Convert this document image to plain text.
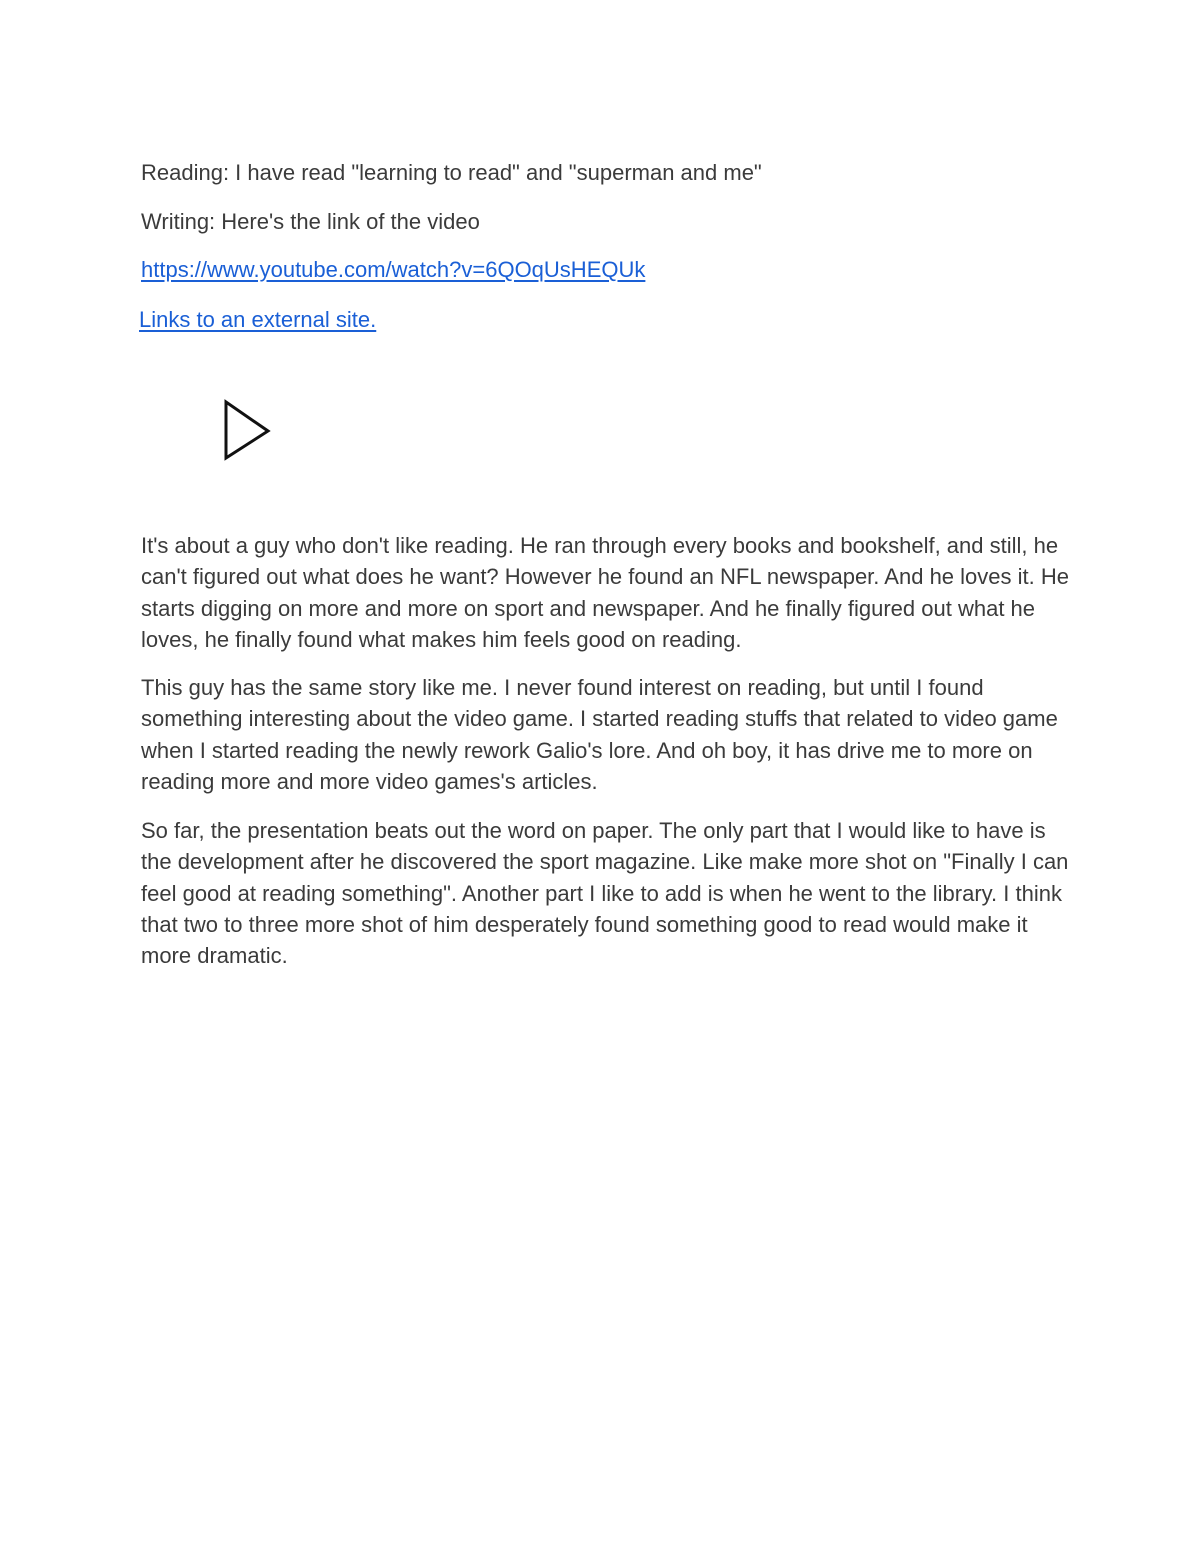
Reading: I have read "learning to read" and "superman and me"

Writing: Here's the link of the video

https://www.youtube.com/watch?v=6QOqUsHEQUk
Links to an external site.

It's about a guy who don't like reading. He ran through every books and bookshelf, and still, he can't figured out what does he want? However he found an NFL newspaper. And he loves it. He starts digging on more and more on sport and newspaper. And he finally figured out what he loves, he finally found what makes him feels good on reading.

This guy has the same story like me. I never found interest on reading, but until I found something interesting about the video game. I started reading stuffs that related to video game when I started reading the newly rework Galio's lore. And oh boy, it has drive me to more on reading more and more video games's articles.

So far, the presentation beats out the word on paper. The only part that I would like to have is the development after he discovered the sport magazine. Like make more shot on "Finally I can feel good at reading something". Another part I like to add is when he went to the library. I think that two to three more shot of him desperately found something good to read would make it more dramatic.
